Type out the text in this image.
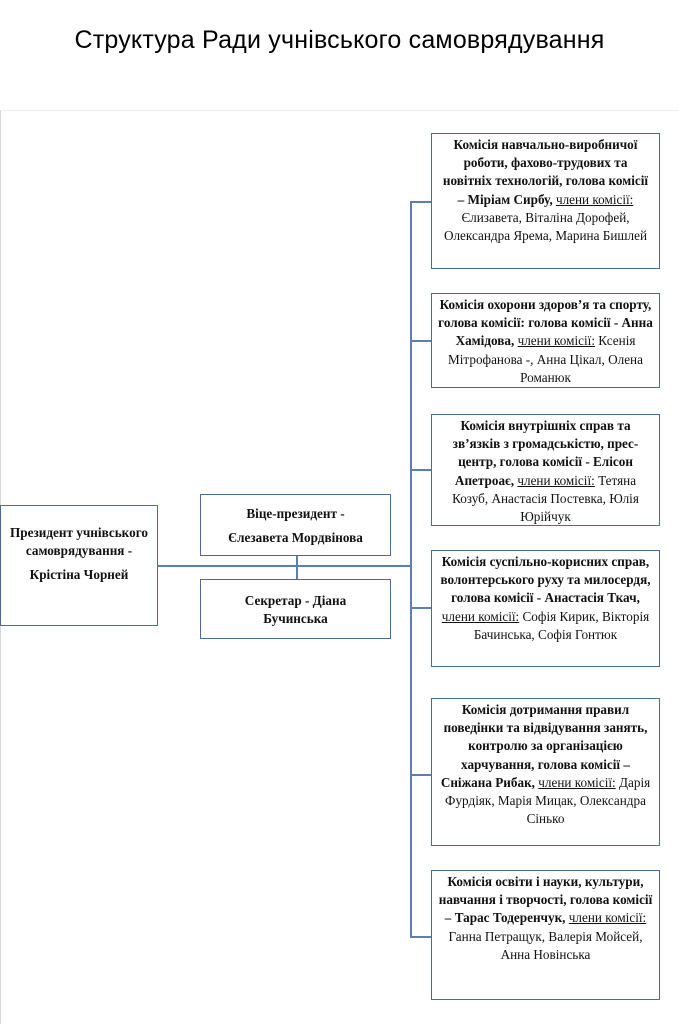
Структура Ради учнівського самоврядування
Президент учнівського самоврядування -
Крістіна Чорней
Віце-президент -
Єлезавета Мордвінова
Секретар - Діана Бучинська
Комісія навчально-виробничої роботи, фахово-трудових та новітніх технологій, голова комісії – Міріам Сирбу, члени комісії: Єлизавета, Віталіна Дорофей, Олександра Ярема, Марина Бишлей
Комісія охорони здоров’я та спорту, голова комісії: голова комісії - Анна Хамідова, члени комісії: Ксенія Мітрофанова -, Анна Цікал, Олена Романюк
Комісія внутрішніх справ та зв’язків з громадськістю, прес-центр, голова комісії - Елісон Апетроає, члени комісії: Тетяна Козуб, Анастасія Постевка, Юлія Юрійчук
Комісія суспільно-корисних справ, волонтерського руху та милосердя, голова комісії - Анастасія Ткач, члени комісії: Софія Кирик, Вікторія Бачинська, Софія Гонтюк
Комісія дотримання правил поведінки та відвідування занять, контролю за організацією харчування, голова комісії – Сніжана Рибак, члени комісії: Дарія Фурдіяк, Марія Мицак, Олександра Сінько
Комісія освіти і науки, культури, навчання і творчості, голова комісії – Тарас Тодеренчук, члени комісії: Ганна Петращук, Валерія Мойсей, Анна Новінська
